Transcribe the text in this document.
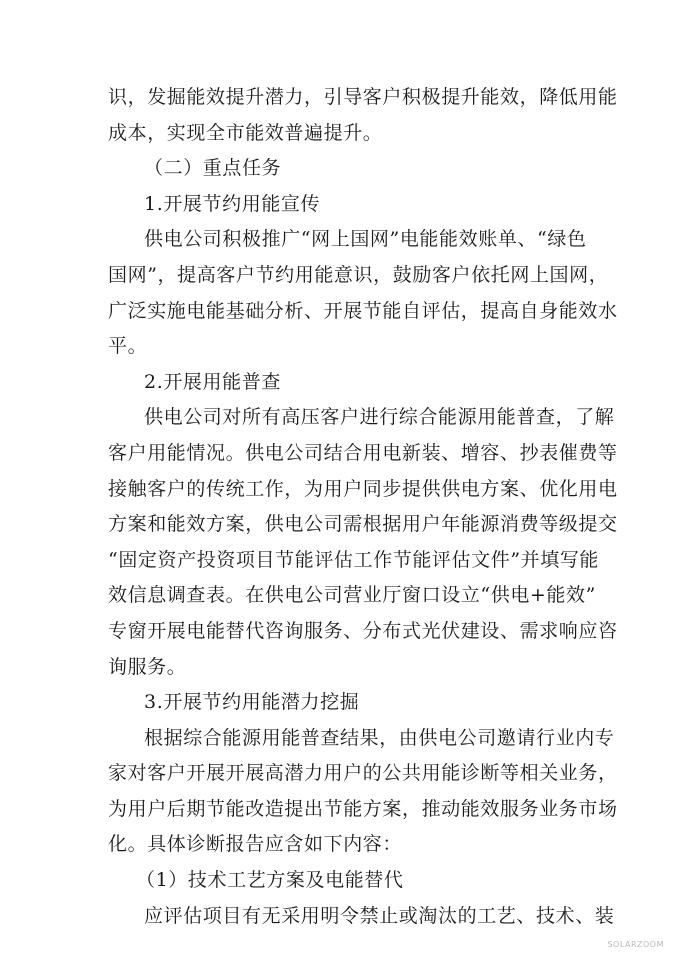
识，发掘能效提升潜力，引导客户积极提升能效，降低用能
成本，实现全市能效普遍提升。
（二）重点任务
1.开展节约用能宣传
供电公司积极推广“网上国网”电能能效账单、“绿色
国网”，提高客户节约用能意识，鼓励客户依托网上国网，
广泛实施电能基础分析、开展节能自评估，提高自身能效水
平。
2.开展用能普查
供电公司对所有高压客户进行综合能源用能普查，了解
客户用能情况。供电公司结合用电新装、增容、抄表催费等
接触客户的传统工作，为用户同步提供供电方案、优化用电
方案和能效方案，供电公司需根据用户年能源消费等级提交
“固定资产投资项目节能评估工作节能评估文件”并填写能
效信息调查表。在供电公司营业厅窗口设立“供电+能效”
专窗开展电能替代咨询服务、分布式光伏建设、需求响应咨
询服务。
3.开展节约用能潜力挖掘
根据综合能源用能普查结果，由供电公司邀请行业内专
家对客户开展开展高潜力用户的公共用能诊断等相关业务，
为用户后期节能改造提出节能方案，推动能效服务业务市场
化。具体诊断报告应含如下内容：
（1）技术工艺方案及电能替代
应评估项目有无采用明令禁止或淘汰的工艺、技术、装
SOLARZOOM
